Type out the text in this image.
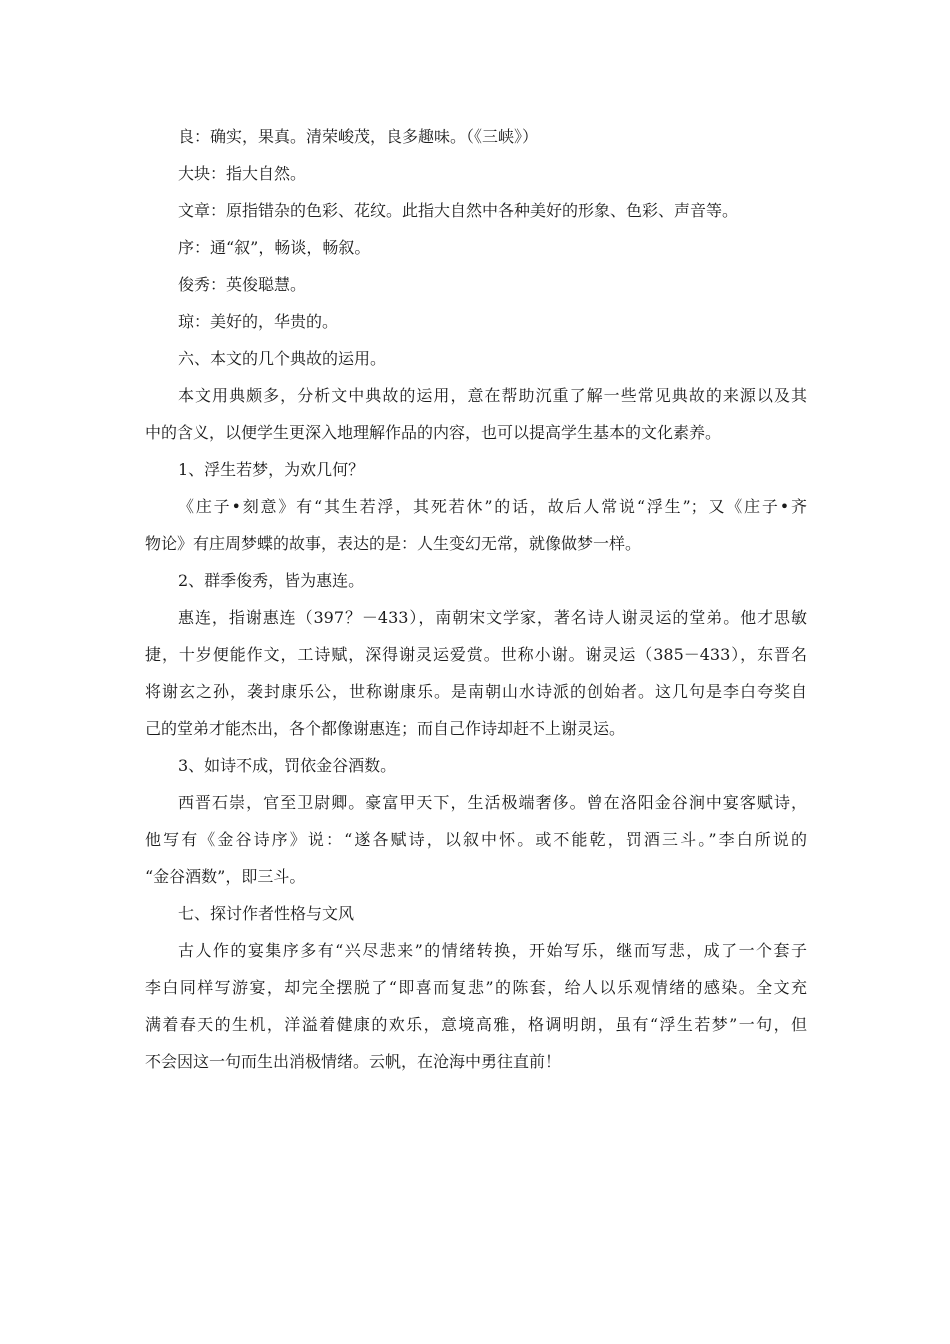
良：确实，果真。清荣峻茂，良多趣味。（《三峡》）

大块：指大自然。

文章：原指错杂的色彩、花纹。此指大自然中各种美好的形象、色彩、声音等。

序：通“叙”，畅谈，畅叙。

俊秀：英俊聪慧。

琼：美好的，华贵的。

六、本文的几个典故的运用。

本文用典颇多，分析文中典故的运用，意在帮助沉重了解一些常见典故的来源以及其

中的含义，以便学生更深入地理解作品的内容，也可以提高学生基本的文化素养。

1、浮生若梦，为欢几何？

《庄子•刻意》有“其生若浮，其死若休”的话，故后人常说“浮生”；又《庄子•齐

物论》有庄周梦蝶的故事，表达的是：人生变幻无常，就像做梦一样。

2、群季俊秀，皆为惠连。

惠连，指谢惠连（397？－433），南朝宋文学家，著名诗人谢灵运的堂弟。他才思敏

捷，十岁便能作文，工诗赋，深得谢灵运爱赏。世称小谢。谢灵运（385－433），东晋名

将谢玄之孙，袭封康乐公，世称谢康乐。是南朝山水诗派的创始者。这几句是李白夸奖自

己的堂弟才能杰出，各个都像谢惠连；而自己作诗却赶不上谢灵运。

3、如诗不成，罚依金谷酒数。

西晋石崇，官至卫尉卿。豪富甲天下，生活极端奢侈。曾在洛阳金谷涧中宴客赋诗，

他写有《金谷诗序》说：“遂各赋诗，以叙中怀。或不能乾，罚酒三斗。”李白所说的

“金谷酒数”，即三斗。

七、探讨作者性格与文风

古人作的宴集序多有“兴尽悲来”的情绪转换，开始写乐，继而写悲，成了一个套子

李白同样写游宴，却完全摆脱了“即喜而复悲”的陈套，给人以乐观情绪的感染。全文充

满着春天的生机，洋溢着健康的欢乐，意境高雅，格调明朗，虽有“浮生若梦”一句，但

不会因这一句而生出消极情绪。云帆，在沧海中勇往直前！
